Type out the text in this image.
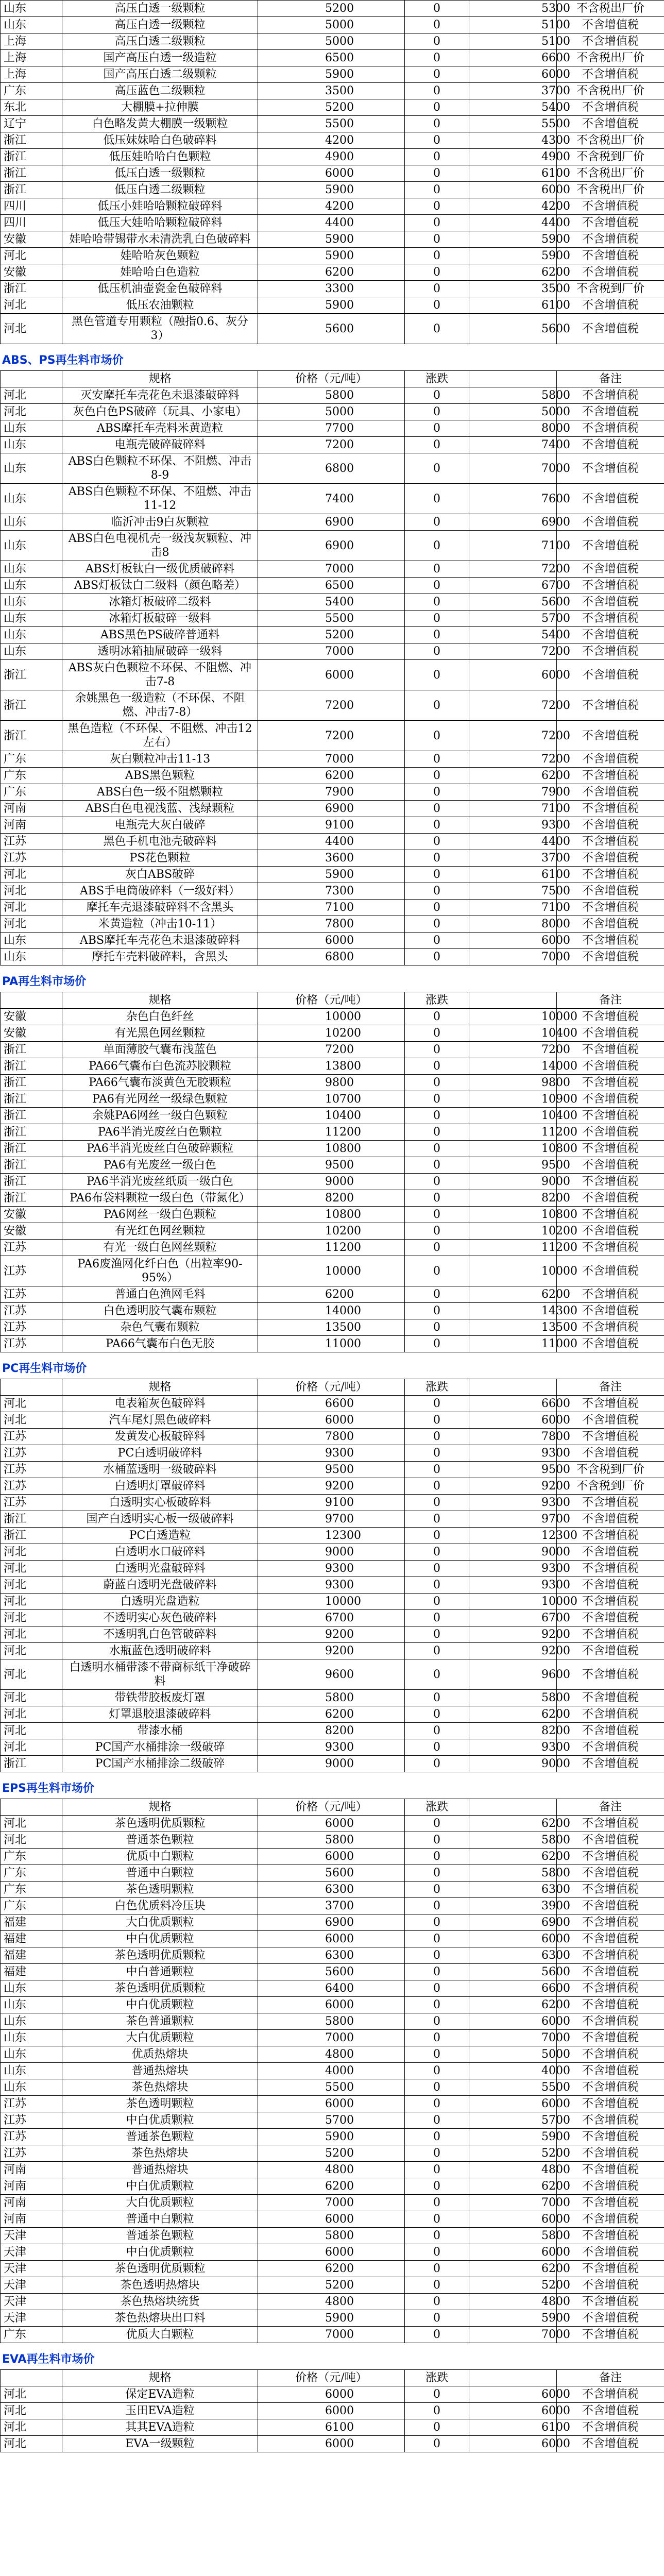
山东	高压白透一级颗粒	5200	0	5300	不含税出厂价
山东	高压白透一级颗粒	5000	0	5100	不含增值税
上海	高压白透二级颗粒	5000	0	5100	不含增值税
上海	国产高压白透一级造粒	6500	0	6600	不含税出厂价
上海	国产高压白透二级颗粒	5900	0	6000	不含增值税
广东	高压蓝色二级颗粒	3500	0	3700	不含税出厂价
东北	大棚膜+拉伸膜	5200	0	5400	不含增值税
辽宁	白色略发黄大棚膜一级颗粒	5500	0	5500	不含增值税
浙江	低压妹妹哈白色破碎料	4200	0	4300	不含税出厂价
浙江	低压娃哈哈白色颗粒	4900	0	4900	不含税到厂价
浙江	低压白透一级颗粒	6000	0	6100	不含税出厂价
浙江	低压白透二级颗粒	5900	0	6000	不含税出厂价
四川	低压小娃哈哈颗粒破碎料	4200	0	4200	不含增值税
四川	低压大娃哈哈颗粒破碎料	4400	0	4400	不含增值税
安徽	娃哈哈带锡带水未清洗乳白色破碎料	5900	0	5900	不含增值税
河北	娃哈哈灰色颗粒	5900	0	5900	不含增值税
安徽	娃哈哈白色造粒	6200	0	6200	不含增值税
浙江	低压机油壶瓷金色破碎料	3300	0	3500	不含税到厂价
河北	低压农油颗粒	5900	0	6100	不含增值税
河北	黑色管道专用颗粒（融指0.6、灰分3）	5600	0	5600	不含增值税
ABS、PS再生料市场价
	规格	价格（元/吨）	涨跌		备注
河北	灭安摩托车壳花色未退漆破碎料	5800	0	5800	不含增值税
河北	灰色白色PS破碎（玩具、小家电）	5000	0	5000	不含增值税
山东	ABS摩托车壳料米黄造粒	7700	0	8000	不含增值税
山东	电瓶壳破碎破碎料	7200	0	7400	不含增值税
山东	ABS白色颗粒不环保、不阻燃、冲击8-9	6800	0	7000	不含增值税
山东	ABS白色颗粒不环保、不阻燃、冲击11-12	7400	0	7600	不含增值税
山东	临沂冲击9白灰颗粒	6900	0	6900	不含增值税
山东	ABS白色电视机壳一级浅灰颗粒、冲击8	6900	0	7100	不含增值税
山东	ABS灯板钛白一级优质破碎料	7000	0	7200	不含增值税
山东	ABS灯板钛白二级料（颜色略差）	6500	0	6700	不含增值税
山东	冰箱灯板破碎二级料	5400	0	5600	不含增值税
山东	冰箱灯板破碎一级料	5500	0	5700	不含增值税
山东	ABS黑色PS破碎普通料	5200	0	5400	不含增值税
山东	透明冰箱抽屉破碎一级料	7000	0	7200	不含增值税
浙江	ABS灰白色颗粒不环保、不阻燃、冲击7-8	6000	0	6000	不含增值税
浙江	余姚黑色一级造粒（不环保、不阻燃、冲击7-8）	7200	0	7200	不含增值税
浙江	黑色造粒（不环保、不阻燃、冲击12左右）	7200	0	7200	不含增值税
广东	灰白颗粒冲击11-13	7000	0	7200	不含增值税
广东	ABS黑色颗粒	6200	0	6200	不含增值税
广东	ABS白色一级不阻燃颗粒	7900	0	7900	不含增值税
河南	ABS白色电视浅蓝、浅绿颗粒	6900	0	7100	不含增值税
河南	电瓶壳大灰白破碎	9100	0	9300	不含增值税
江苏	黑色手机电池壳破碎料	4400	0	4400	不含增值税
江苏	PS花色颗粒	3600	0	3700	不含增值税
河北	灰白ABS破碎	5900	0	6100	不含增值税
河北	ABS手电筒破碎料（一级好料）	7300	0	7500	不含增值税
河北	摩托车壳退漆破碎料不含黑头	7100	0	7100	不含增值税
河北	米黄造粒（冲击10-11）	7800	0	8000	不含增值税
山东	ABS摩托车壳花色未退漆破碎料	6000	0	6000	不含增值税
山东	摩托车壳料破碎料，含黑头	6800	0	7000	不含增值税
PA再生料市场价
	规格	价格（元/吨）	涨跌		备注
安徽	杂色白色纤丝	10000	0	10000	不含增值税
安徽	有光黑色网丝颗粒	10200	0	10400	不含增值税
浙江	单面薄胶气囊布浅蓝色	7200	0	7200	不含增值税
浙江	PA66气囊布白色流苏胶颗粒	13800	0	14000	不含增值税
浙江	PA66气囊布淡黄色无胶颗粒	9800	0	9800	不含增值税
浙江	PA6有光网丝一级绿色颗粒	10700	0	10900	不含增值税
浙江	余姚PA6网丝一级白色颗粒	10400	0	10400	不含增值税
浙江	PA6半消光废丝白色颗粒	11200	0	11200	不含增值税
浙江	PA6半消光废丝白色破碎颗粒	10800	0	10800	不含增值税
浙江	PA6有光废丝一级白色	9500	0	9500	不含增值税
浙江	PA6半消光废丝纸质一级白色	9000	0	9000	不含增值税
浙江	PA6布袋料颗粒一级白色（带氮化）	8200	0	8200	不含增值税
安徽	PA6网丝一级白色颗粒	10800	0	10800	不含增值税
安徽	有光红色网丝颗粒	10200	0	10200	不含增值税
江苏	有光一级白色网丝颗粒	11200	0	11200	不含增值税
江苏	PA6废渔网化纤白色（出粒率90-95%）	10000	0	10000	不含增值税
江苏	普通白色渔网毛料	6200	0	6200	不含增值税
江苏	白色透明胶气囊布颗粒	14000	0	14300	不含增值税
江苏	杂色气囊布颗粒	13500	0	13500	不含增值税
江苏	PA66气囊布白色无胶	11000	0	11000	不含增值税
PC再生料市场价
	规格	价格（元/吨）	涨跌		备注
河北	电表箱灰色破碎料	6600	0	6600	不含增值税
河北	汽车尾灯黑色破碎料	6000	0	6000	不含增值税
江苏	发黄发心板破碎料	7800	0	7800	不含增值税
江苏	PC白透明破碎料	9300	0	9300	不含增值税
江苏	水桶蓝透明一级破碎料	9500	0	9500	不含税到厂价
江苏	白透明灯罩破碎料	9200	0	9200	不含税到厂价
江苏	白透明实心板破碎料	9100	0	9300	不含增值税
浙江	国产白透明实心板一级破碎料	9700	0	9700	不含增值税
浙江	PC白透造粒	12300	0	12300	不含增值税
河北	白透明水口破碎料	9000	0	9000	不含增值税
河北	白透明光盘破碎料	9300	0	9300	不含增值税
河北	蔚蓝白透明光盘破碎料	9300	0	9300	不含增值税
河北	白透明光盘造粒	10000	0	10000	不含增值税
河北	不透明实心灰色破碎料	6700	0	6700	不含增值税
河北	不透明乳白色管破碎料	9200	0	9200	不含增值税
河北	水瓶蓝色透明破碎料	9200	0	9200	不含增值税
河北	白透明水桶带漆不带商标纸干净破碎料	9600	0	9600	不含增值税
河北	带铁带胶板废灯罩	5800	0	5800	不含增值税
河北	灯罩退胶退漆破碎料	6200	0	6200	不含增值税
河北	带漆水桶	8200	0	8200	不含增值税
河北	PC国产水桶排涂一级破碎	9300	0	9300	不含增值税
浙江	PC国产水桶排涂二级破碎	9000	0	9000	不含增值税
EPS再生料市场价
	规格	价格（元/吨）	涨跌		备注
河北	茶色透明优质颗粒	6000	0	6200	不含增值税
河北	普通茶色颗粒	5800	0	5800	不含增值税
广东	优质中白颗粒	6000	0	6200	不含增值税
广东	普通中白颗粒	5600	0	5800	不含增值税
广东	茶色透明颗粒	6300	0	6300	不含增值税
广东	白色优质料冷压块	3700	0	3900	不含增值税
福建	大白优质颗粒	6900	0	6900	不含增值税
福建	中白优质颗粒	6000	0	6000	不含增值税
福建	茶色透明优质颗粒	6300	0	6300	不含增值税
福建	中白普通颗粒	5600	0	5600	不含增值税
山东	茶色透明优质颗粒	6400	0	6600	不含增值税
山东	中白优质颗粒	6000	0	6200	不含增值税
山东	茶色普通颗粒	5800	0	6000	不含增值税
山东	大白优质颗粒	7000	0	7000	不含增值税
山东	优质热熔块	4800	0	5000	不含增值税
山东	普通热熔块	4000	0	4000	不含增值税
山东	茶色热熔块	5500	0	5500	不含增值税
江苏	茶色透明颗粒	6000	0	6000	不含增值税
江苏	中白优质颗粒	5700	0	5700	不含增值税
江苏	普通茶色颗粒	5900	0	5900	不含增值税
江苏	茶色热熔块	5200	0	5200	不含增值税
河南	普通热熔块	4800	0	4800	不含增值税
河南	中白优质颗粒	6200	0	6200	不含增值税
河南	大白优质颗粒	7000	0	7000	不含增值税
河南	普通中白颗粒	6000	0	6000	不含增值税
天津	普通茶色颗粒	5800	0	5800	不含增值税
天津	中白优质颗粒	6000	0	6000	不含增值税
天津	茶色透明优质颗粒	6200	0	6200	不含增值税
天津	茶色透明热熔块	5200	0	5200	不含增值税
天津	茶色热熔块统货	4800	0	4800	不含增值税
天津	茶色热熔块出口料	5900	0	5900	不含增值税
广东	优质大白颗粒	7000	0	7000	不含增值税
EVA再生料市场价
	规格	价格（元/吨）	涨跌		备注
河北	保定EVA造粒	6000	0	6000	不含增值税
河北	玉田EVA造粒	6000	0	6000	不含增值税
河北	其其EVA造粒	6100	0	6100	不含增值税
河北	EVA一级颗粒	6000	0	6000	不含增值税
